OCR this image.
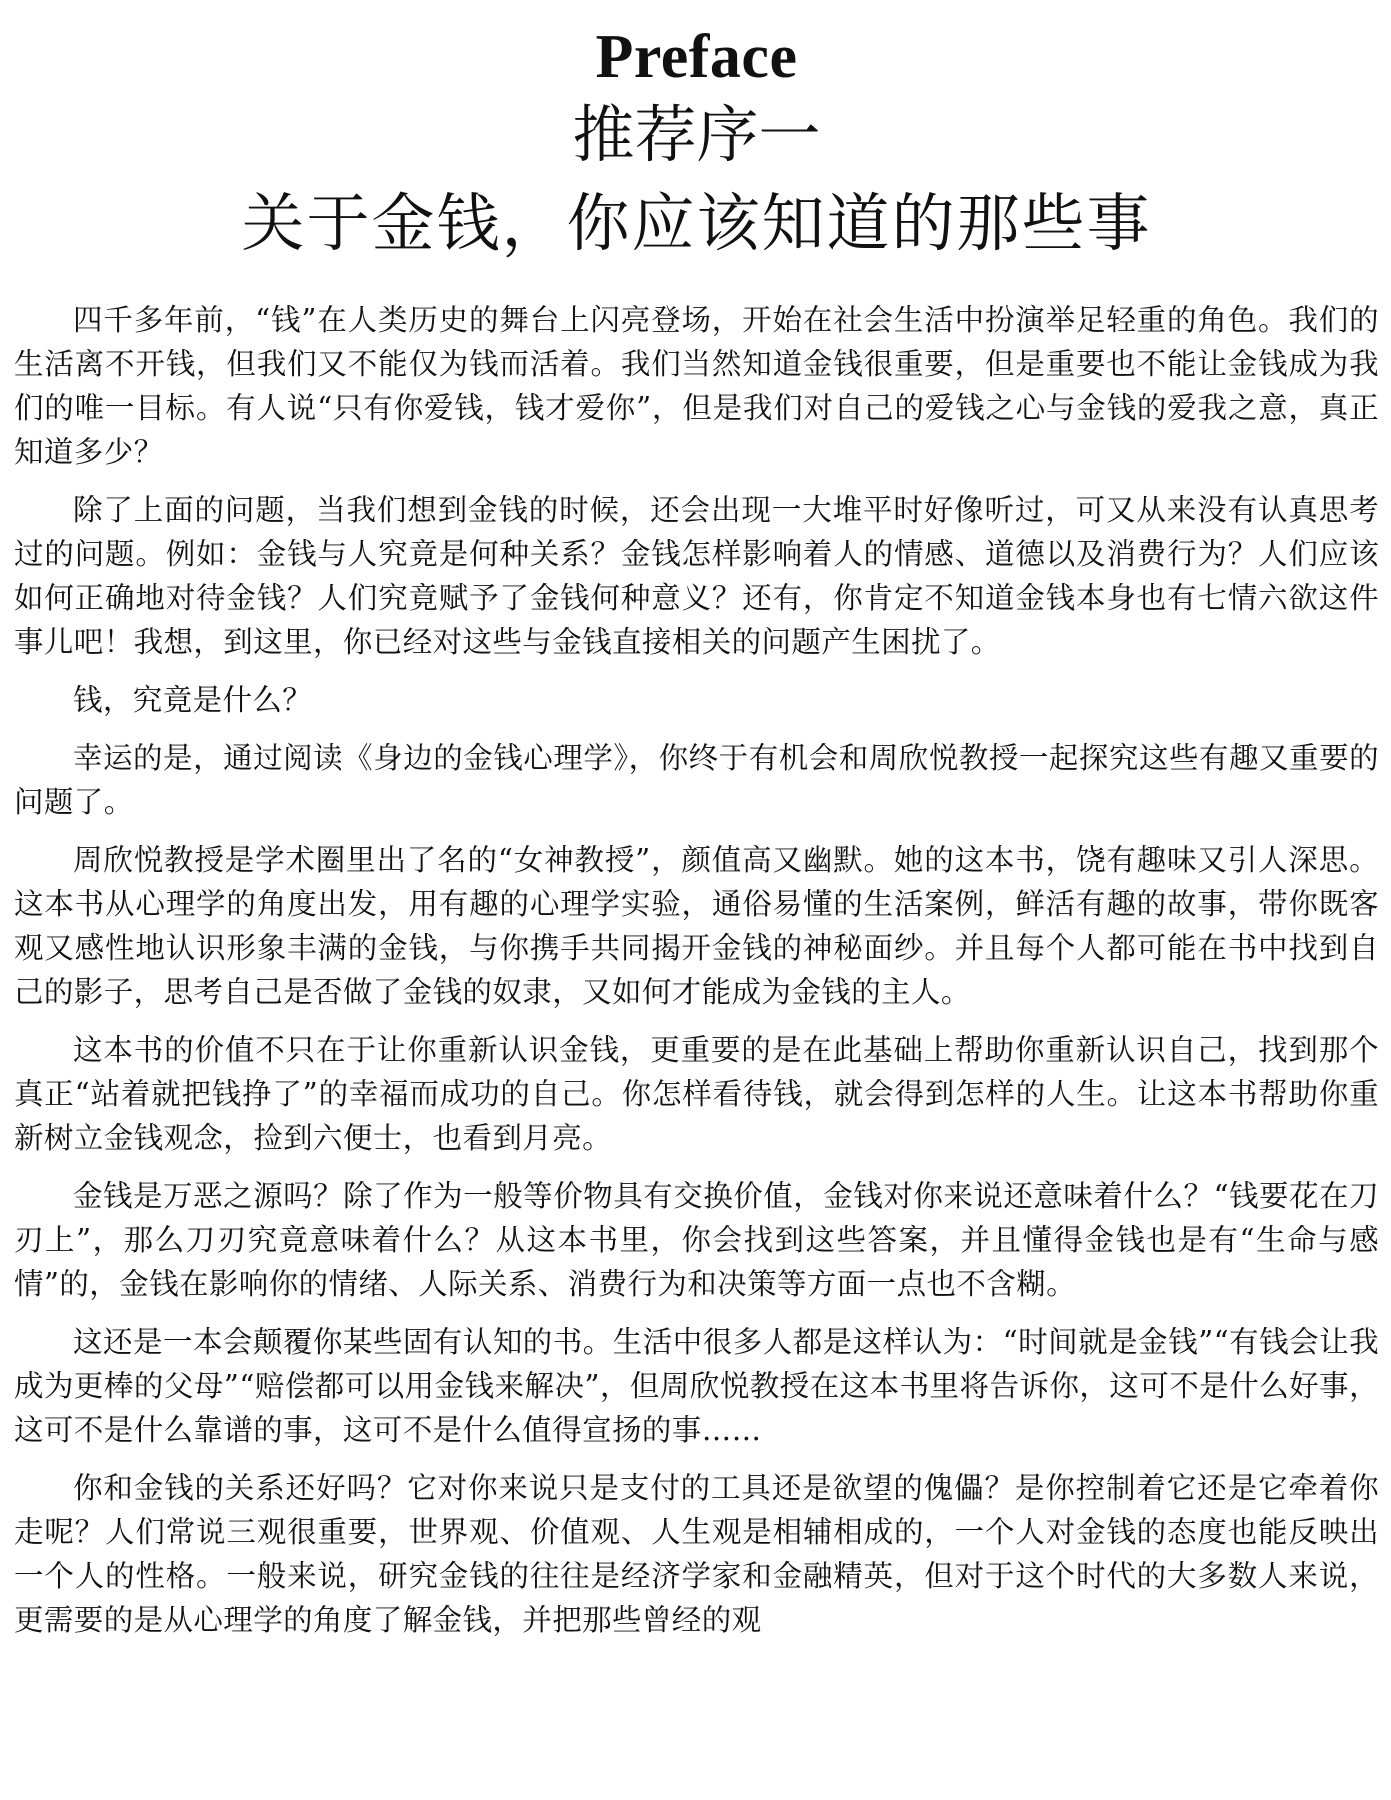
Preface
推荐序一
关于金钱，你应该知道的那些事

四千多年前，“钱”在人类历史的舞台上闪亮登场，开始在社会生活中扮演举足轻重的角色。我们的生活离不开钱，但我们又不能仅为钱而活着。我们当然知道金钱很重要，但是重要也不能让金钱成为我们的唯一目标。有人说“只有你爱钱，钱才爱你”，但是我们对自己的爱钱之心与金钱的爱我之意，真正知道多少？

除了上面的问题，当我们想到金钱的时候，还会出现一大堆平时好像听过，可又从来没有认真思考过的问题。例如：金钱与人究竟是何种关系？金钱怎样影响着人的情感、道德以及消费行为？人们应该如何正确地对待金钱？人们究竟赋予了金钱何种意义？还有，你肯定不知道金钱本身也有七情六欲这件事儿吧！我想，到这里，你已经对这些与金钱直接相关的问题产生困扰了。

钱，究竟是什么？

幸运的是，通过阅读《身边的金钱心理学》，你终于有机会和周欣悦教授一起探究这些有趣又重要的问题了。

周欣悦教授是学术圈里出了名的“女神教授”，颜值高又幽默。她的这本书，饶有趣味又引人深思。这本书从心理学的角度出发，用有趣的心理学实验，通俗易懂的生活案例，鲜活有趣的故事，带你既客观又感性地认识形象丰满的金钱，与你携手共同揭开金钱的神秘面纱。并且每个人都可能在书中找到自己的影子，思考自己是否做了金钱的奴隶，又如何才能成为金钱的主人。

这本书的价值不只在于让你重新认识金钱，更重要的是在此基础上帮助你重新认识自己，找到那个真正“站着就把钱挣了”的幸福而成功的自己。你怎样看待钱，就会得到怎样的人生。让这本书帮助你重新树立金钱观念，捡到六便士，也看到月亮。

金钱是万恶之源吗？除了作为一般等价物具有交换价值，金钱对你来说还意味着什么？“钱要花在刀刃上”，那么刀刃究竟意味着什么？从这本书里，你会找到这些答案，并且懂得金钱也是有“生命与感情”的，金钱在影响你的情绪、人际关系、消费行为和决策等方面一点也不含糊。

这还是一本会颠覆你某些固有认知的书。生活中很多人都是这样认为：“时间就是金钱”“有钱会让我成为更棒的父母”“赔偿都可以用金钱来解决”，但周欣悦教授在这本书里将告诉你，这可不是什么好事，这可不是什么靠谱的事，这可不是什么值得宣扬的事……

你和金钱的关系还好吗？它对你来说只是支付的工具还是欲望的傀儡？是你控制着它还是它牵着你走呢？人们常说三观很重要，世界观、价值观、人生观是相辅相成的，一个人对金钱的态度也能反映出一个人的性格。一般来说，研究金钱的往往是经济学家和金融精英，但对于这个时代的大多数人来说，更需要的是从心理学的角度了解金钱，并把那些曾经的观
